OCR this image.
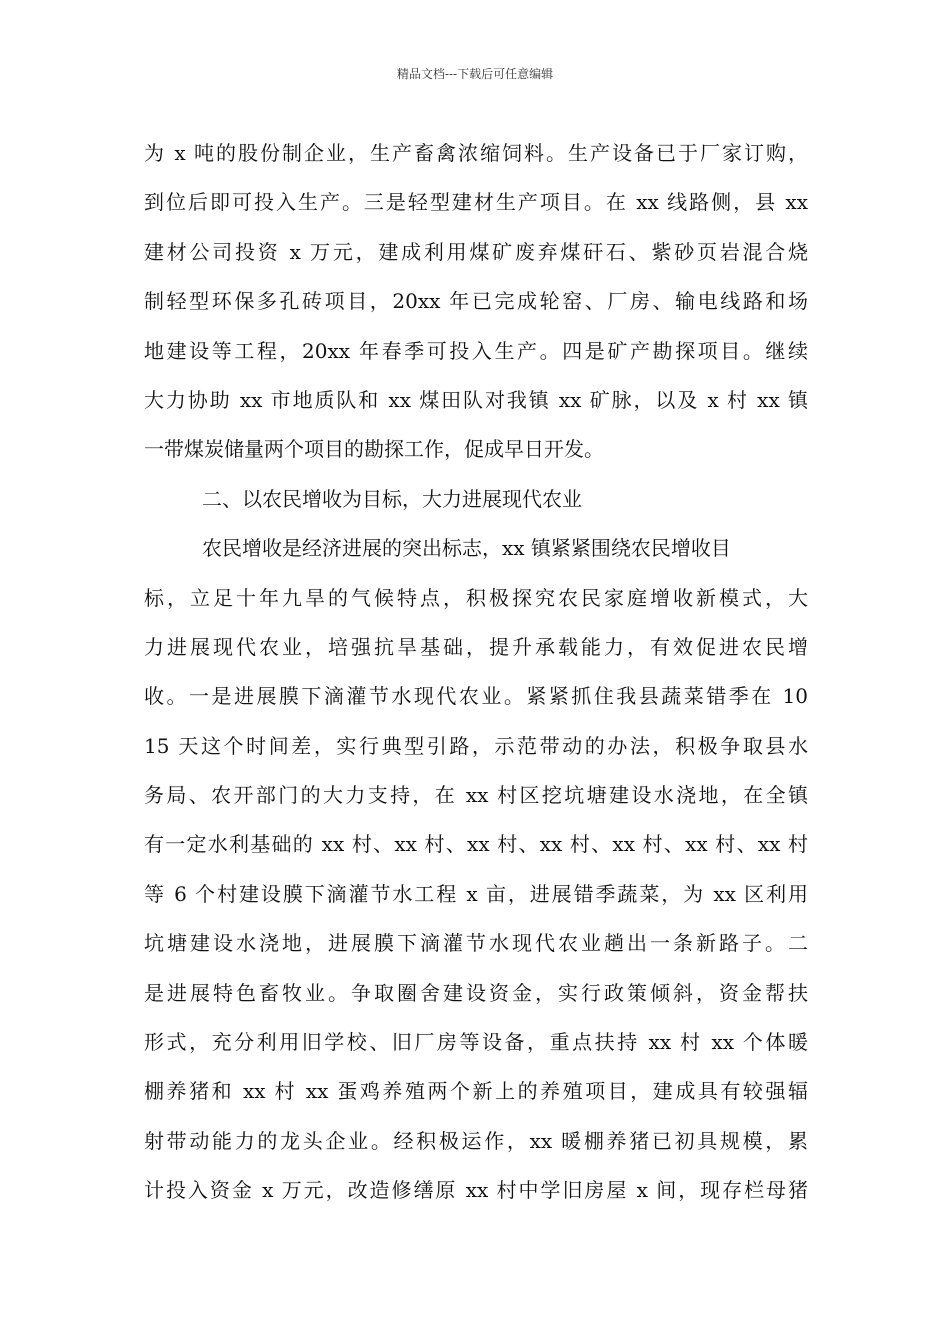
精品文档---下载后可任意编辑
为 x 吨的股份制企业，生产畜禽浓缩饲料。生产设备已于厂家订购，
到位后即可投入生产。三是轻型建材生产项目。在 xx 线路侧，县 xx
建材公司投资 x 万元，建成利用煤矿废弃煤矸石、紫砂页岩混合烧
制轻型环保多孔砖项目，20xx 年已完成轮窑、厂房、输电线路和场
地建设等工程，20xx 年春季可投入生产。四是矿产勘探项目。继续
大力协助 xx 市地质队和 xx 煤田队对我镇 xx 矿脉，以及 x 村 xx 镇
一带煤炭储量两个项目的勘探工作，促成早日开发。
二、以农民增收为目标，大力进展现代农业
农民增收是经济进展的突出标志，xx 镇紧紧围绕农民增收目
标，立足十年九旱的气候特点，积极探究农民家庭增收新模式，大
力进展现代农业，培强抗旱基础，提升承载能力，有效促进农民增
收。一是进展膜下滴灌节水现代农业。紧紧抓住我县蔬菜错季在 10
15 天这个时间差，实行典型引路，示范带动的办法，积极争取县水
务局、农开部门的大力支持，在 xx 村区挖坑塘建设水浇地，在全镇
有一定水利基础的 xx 村、xx 村、xx 村、xx 村、xx 村、xx 村、xx 村
等 6 个村建设膜下滴灌节水工程 x 亩，进展错季蔬菜，为 xx 区利用
坑塘建设水浇地，进展膜下滴灌节水现代农业趟出一条新路子。二
是进展特色畜牧业。争取圈舍建设资金，实行政策倾斜，资金帮扶
形式，充分利用旧学校、旧厂房等设备，重点扶持 xx 村 xx 个体暖
棚养猪和 xx 村 xx 蛋鸡养殖两个新上的养殖项目，建成具有较强辐
射带动能力的龙头企业。经积极运作，xx 暖棚养猪已初具规模，累
计投入资金 x 万元，改造修缮原 xx 村中学旧房屋 x 间，现存栏母猪
